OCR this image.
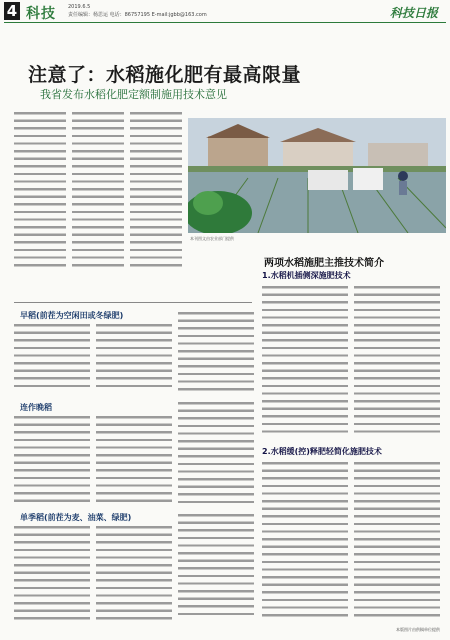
4 科技 2019.6.5
责任编辑：杨思运 电话：86757195 E-mail:jgbb@163.com	科技日报
注意了：水稻施化肥有最高限量
我省发布水稻化肥定额制施用技术意见
本刊图文由农业部门提供
两项水稻施肥主推技术简介
1.水稻机插侧深施肥技术
2.水稻缓(控)释肥轻简化施肥技术
早稻(前茬为空闲田或冬绿肥)
连作晚稻
单季稻(前茬为麦、油菜、绿肥)
本版图片由供稿单位提供
